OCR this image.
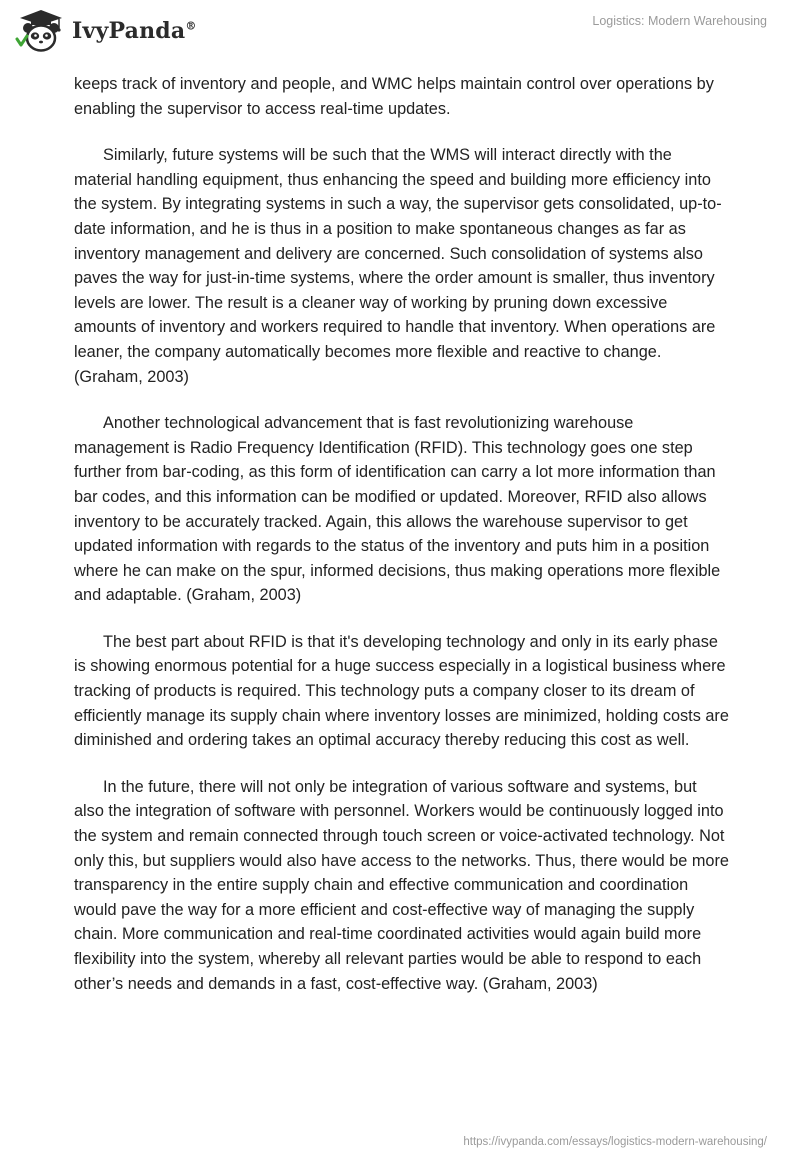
IvyPanda®	Logistics: Modern Warehousing

keeps track of inventory and people, and WMC helps maintain control over operations by enabling the supervisor to access real-time updates.

Similarly, future systems will be such that the WMS will interact directly with the material handling equipment, thus enhancing the speed and building more efficiency into the system. By integrating systems in such a way, the supervisor gets consolidated, up-to-date information, and he is thus in a position to make spontaneous changes as far as inventory management and delivery are concerned. Such consolidation of systems also paves the way for just-in-time systems, where the order amount is smaller, thus inventory levels are lower. The result is a cleaner way of working by pruning down excessive amounts of inventory and workers required to handle that inventory. When operations are leaner, the company automatically becomes more flexible and reactive to change. (Graham, 2003)

Another technological advancement that is fast revolutionizing warehouse management is Radio Frequency Identification (RFID). This technology goes one step further from bar-coding, as this form of identification can carry a lot more information than bar codes, and this information can be modified or updated. Moreover, RFID also allows inventory to be accurately tracked. Again, this allows the warehouse supervisor to get updated information with regards to the status of the inventory and puts him in a position where he can make on the spur, informed decisions, thus making operations more flexible and adaptable. (Graham, 2003)

The best part about RFID is that it's developing technology and only in its early phase is showing enormous potential for a huge success especially in a logistical business where tracking of products is required. This technology puts a company closer to its dream of efficiently manage its supply chain where inventory losses are minimized, holding costs are diminished and ordering takes an optimal accuracy thereby reducing this cost as well.

In the future, there will not only be integration of various software and systems, but also the integration of software with personnel. Workers would be continuously logged into the system and remain connected through touch screen or voice-activated technology. Not only this, but suppliers would also have access to the networks. Thus, there would be more transparency in the entire supply chain and effective communication and coordination would pave the way for a more efficient and cost-effective way of managing the supply chain. More communication and real-time coordinated activities would again build more flexibility into the system, whereby all relevant parties would be able to respond to each other’s needs and demands in a fast, cost-effective way. (Graham, 2003)

https://ivypanda.com/essays/logistics-modern-warehousing/
